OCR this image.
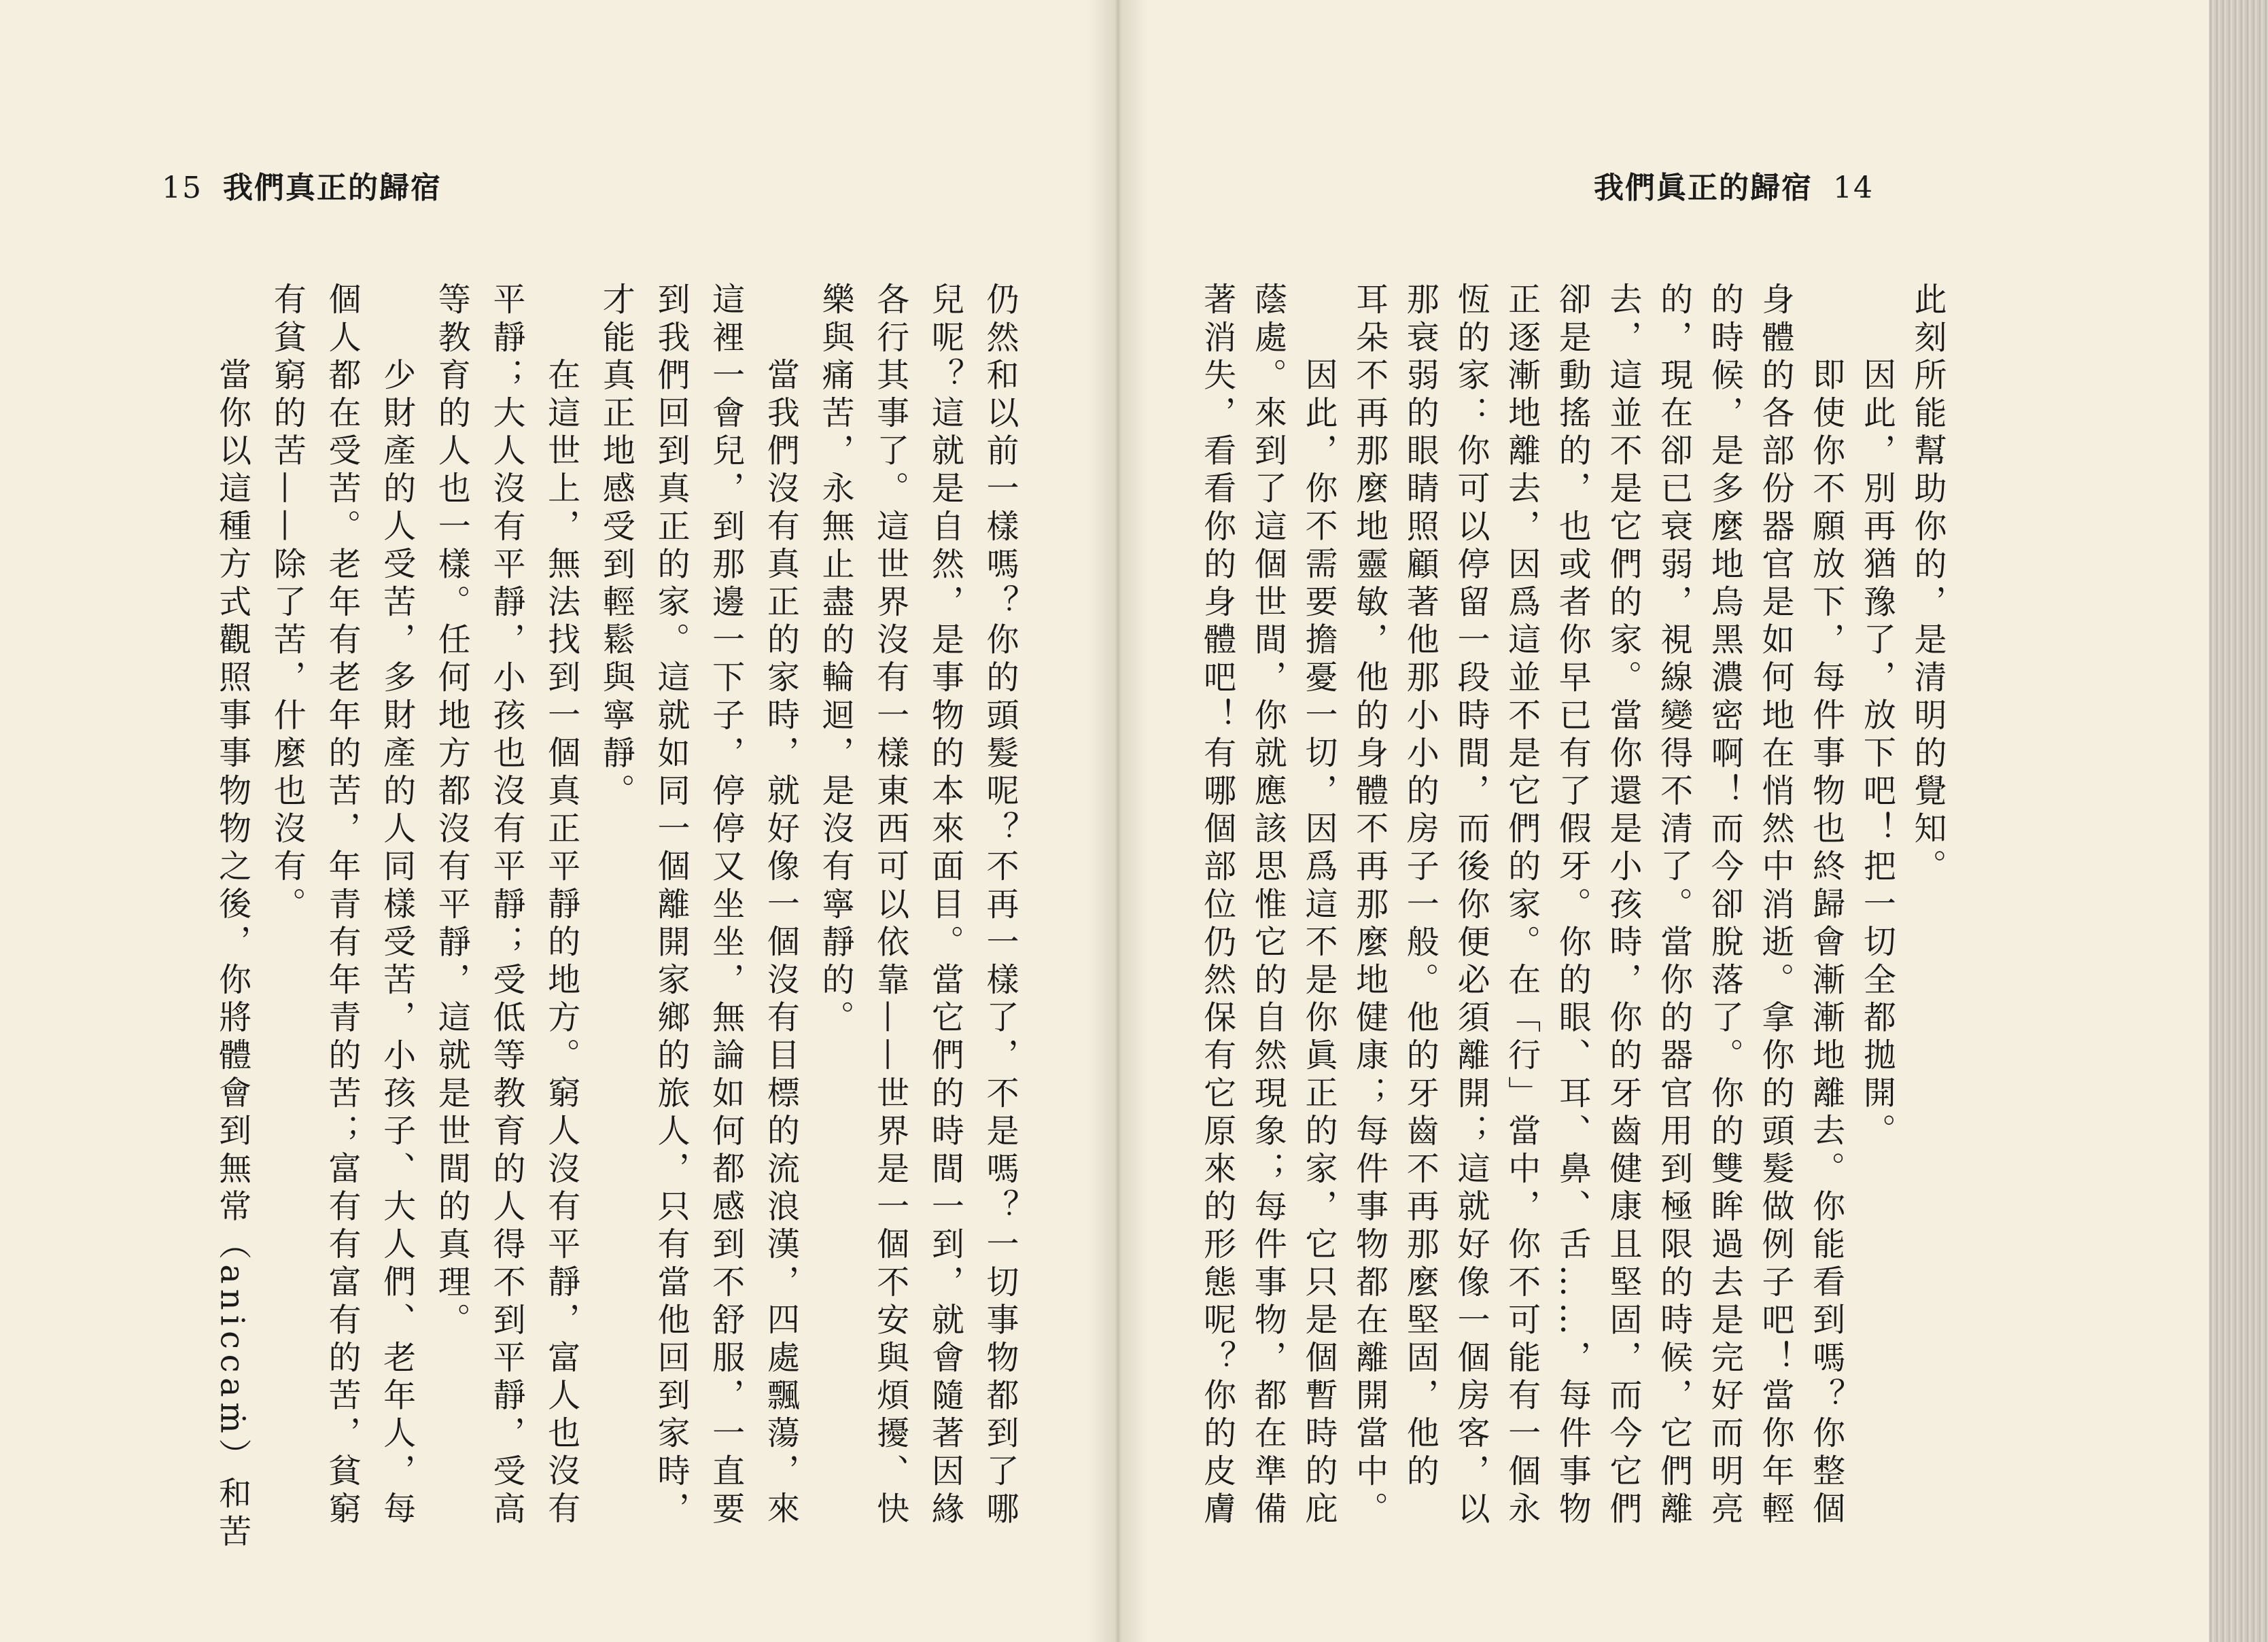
15 我們真正的歸宿
仍然和以前一樣嗎？你的頭髮呢？不再一樣了，不是嗎？一切事物都到了哪
兒呢？這就是自然，是事物的本來面目。當它們的時間一到，就會隨著因緣
各行其事了。這世界沒有一樣東西可以依靠——世界是一個不安與煩擾、快
樂與痛苦，永無止盡的輪迴，是沒有寧靜的。
當我們沒有真正的家時，就好像一個沒有目標的流浪漢，四處飄蕩，來
這裡一會兒，到那邊一下子，停停又坐坐，無論如何都感到不舒服，一直要
到我們回到真正的家。這就如同一個離開家鄉的旅人，只有當他回到家時，
才能真正地感受到輕鬆與寧靜。
在這世上，無法找到一個真正平靜的地方。窮人沒有平靜，富人也沒有
平靜；大人沒有平靜，小孩也沒有平靜；受低等教育的人得不到平靜，受高
等教育的人也一樣。任何地方都沒有平靜，這就是世間的真理。
少財產的人受苦，多財產的人同樣受苦，小孩子、大人們、老年人，每
個人都在受苦。老年有老年的苦，年青有年青的苦；富有有富有的苦，貧窮
有貧窮的苦——除了苦，什麼也沒有。
當你以這種方式觀照事事物物之後，你將體會到無常（aniccaṁ）和苦
我們眞正的歸宿 14
此刻所能幫助你的，是清明的覺知。
因此，別再猶豫了，放下吧！把一切全都拋開。
即使你不願放下，每件事物也終歸會漸漸地離去。你能看到嗎？你整個
身體的各部份器官是如何地在悄然中消逝。拿你的頭髮做例子吧！當你年輕
的時候，是多麼地烏黑濃密啊！而今卻脫落了。你的雙眸過去是完好而明亮
的，現在卻已衰弱，視線變得不清了。當你的器官用到極限的時候，它們離
去，這並不是它們的家。當你還是小孩時，你的牙齒健康且堅固，而今它們
卻是動搖的，也或者你早已有了假牙。你的眼、耳、鼻、舌……，每件事物
正逐漸地離去，因爲這並不是它們的家。在「行」當中，你不可能有一個永
恆的家：你可以停留一段時間，而後你便必須離開；這就好像一個房客，以
那衰弱的眼睛照顧著他那小小的房子一般。他的牙齒不再那麼堅固，他的
耳朵不再那麼地靈敏，他的身體不再那麼地健康；每件事物都在離開當中。
因此，你不需要擔憂一切，因爲這不是你眞正的家，它只是個暫時的庇
蔭處。來到了這個世間，你就應該思惟它的自然現象；每件事物，都在準備
著消失，看看你的身體吧！有哪個部位仍然保有它原來的形態呢？你的皮膚
